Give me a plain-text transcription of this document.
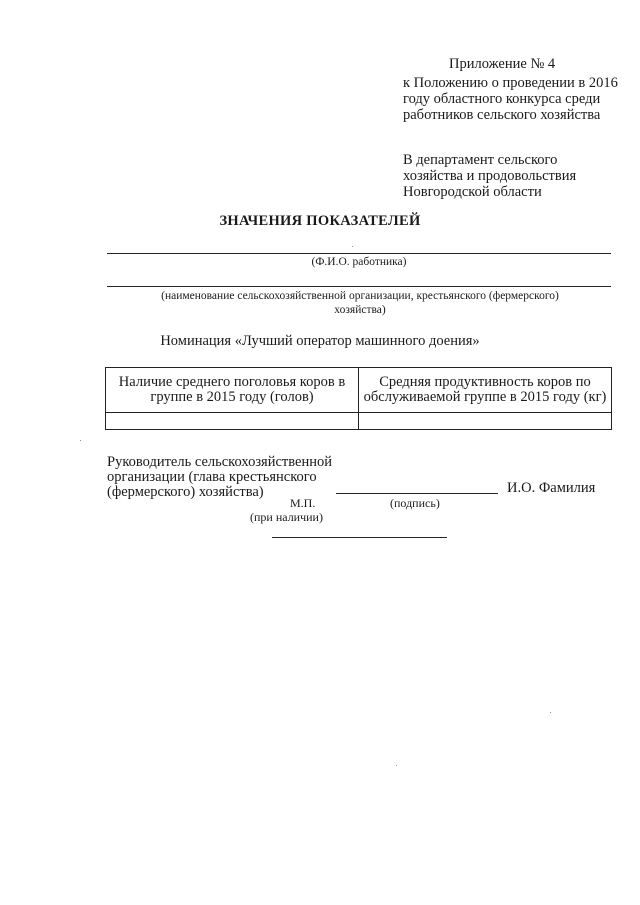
Приложение № 4
к Положению о проведении в 2016 году областного конкурса среди работников сельского хозяйства
В департамент сельского хозяйства и продовольствия Новгородской области
ЗНАЧЕНИЯ ПОКАЗАТЕЛЕЙ
(Ф.И.О. работника)
(наименование сельскохозяйственной организации, крестьянского (фермерского) хозяйства)
Номинация «Лучший оператор машинного доения»
Наличие среднего поголовья коров в группе в 2015 году (голов)	Средняя продуктивность коров по обслуживаемой группе в 2015 году (кг)

Руководитель сельскохозяйственной организации (глава крестьянского (фермерского) хозяйства)
(подпись)
И.О. Фамилия
М.П.
(при наличии)
